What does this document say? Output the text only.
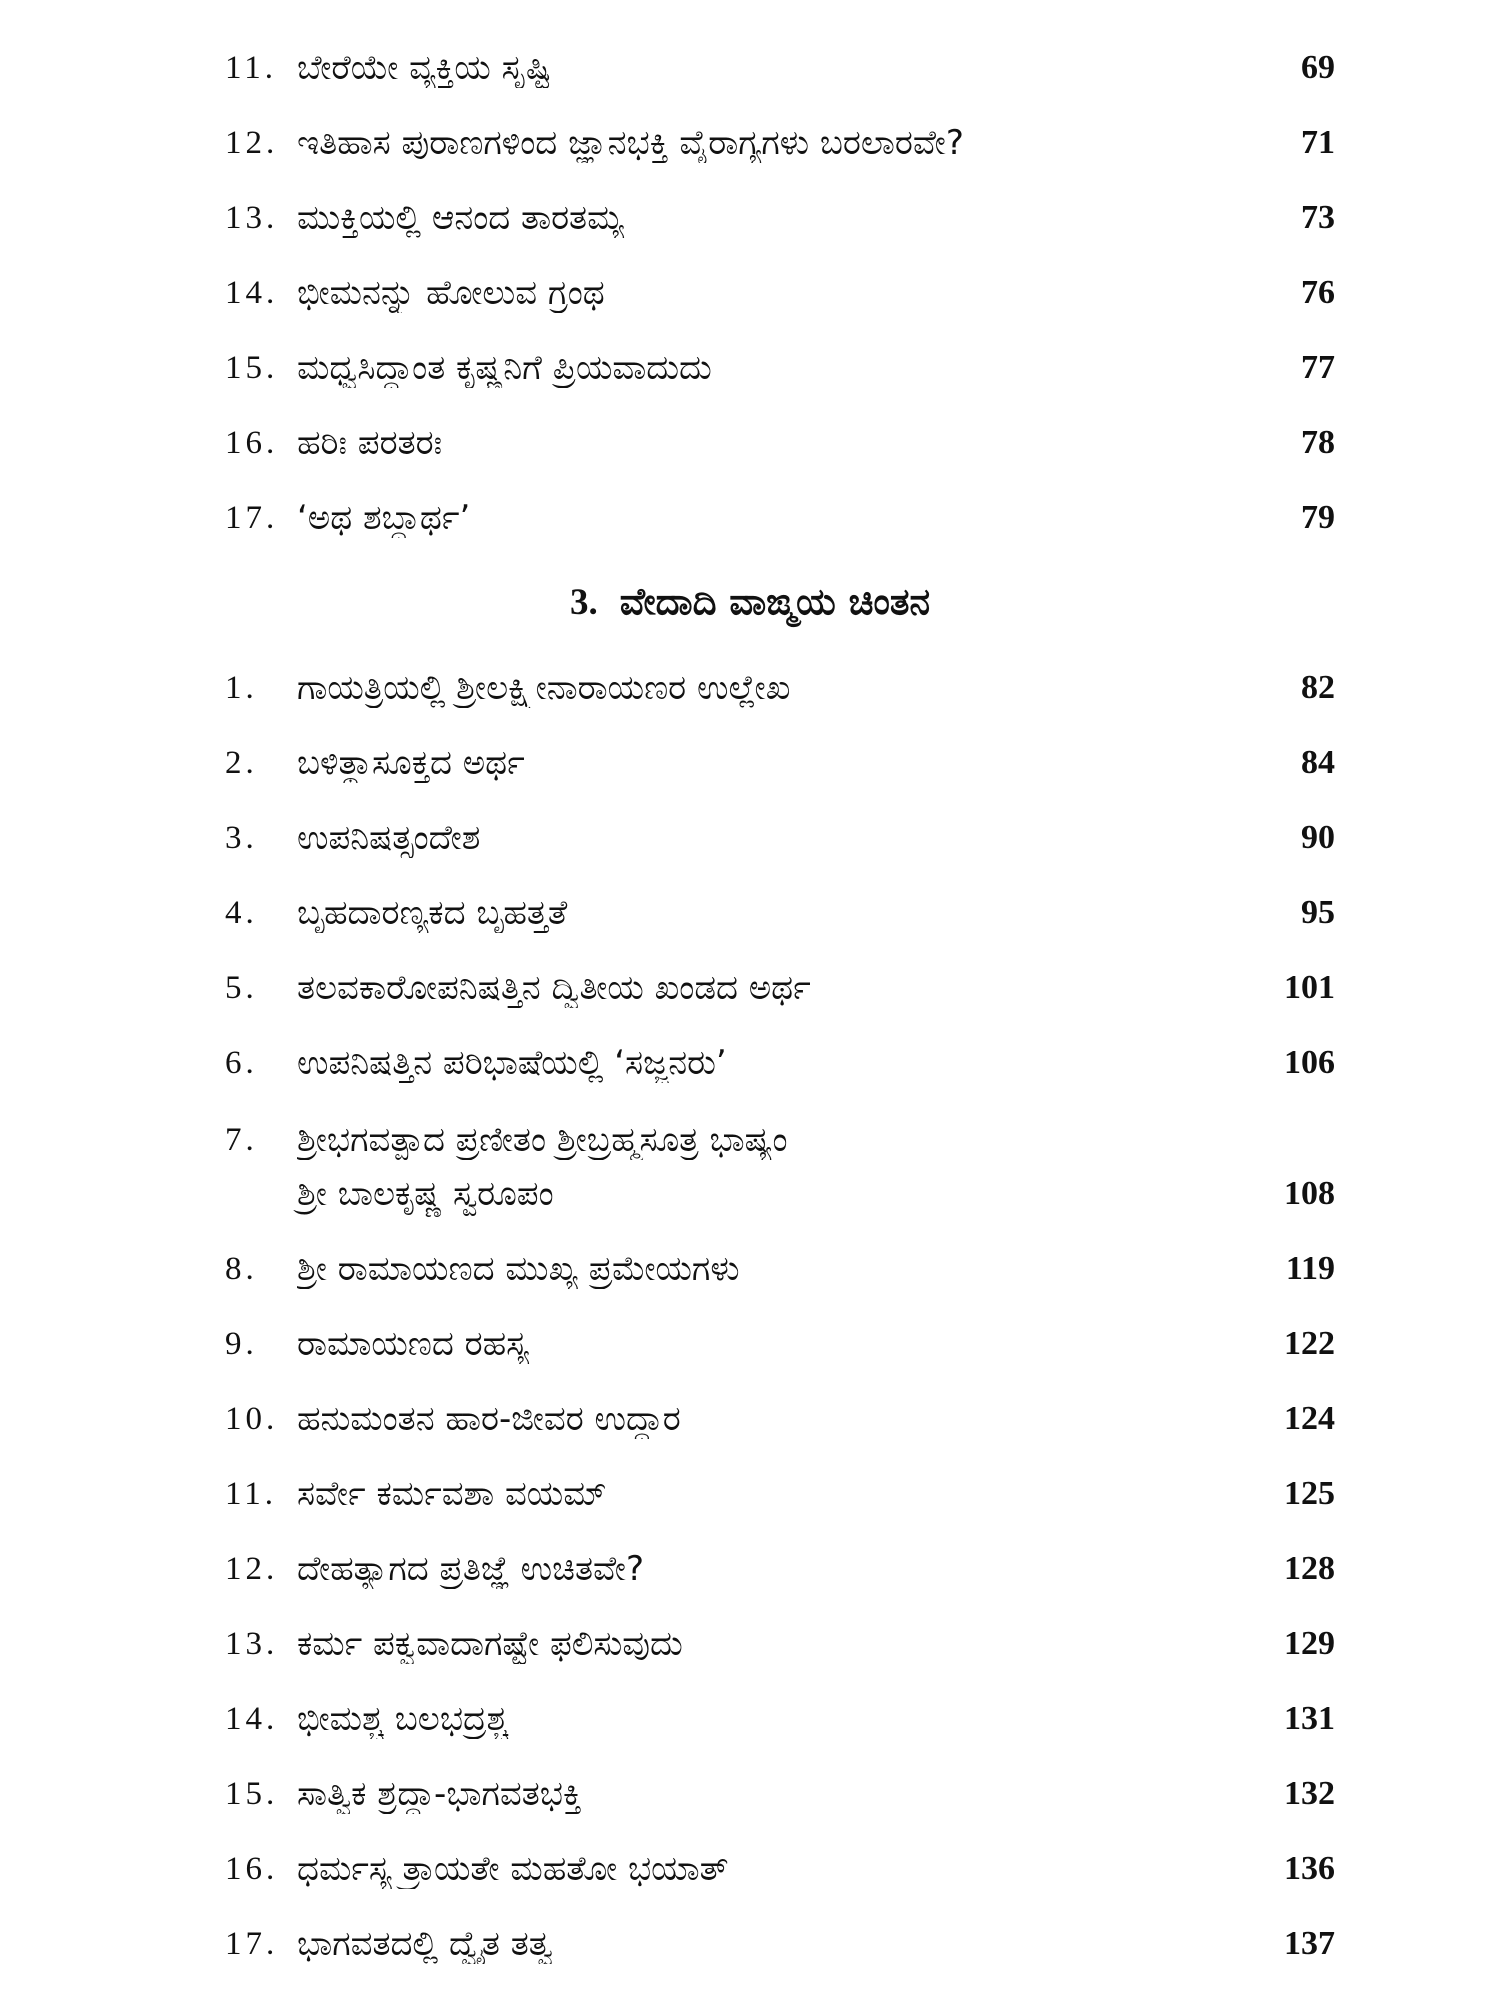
11. ಬೇರೆಯೇ ವ್ಯಕ್ತಿಯ ಸೃಷ್ಟಿ	69
12. ಇತಿಹಾಸ ಪುರಾಣಗಳಿಂದ ಜ್ಞಾನಭಕ್ತಿ ವೈರಾಗ್ಯಗಳು ಬರಲಾರವೇ?	71
13. ಮುಕ್ತಿಯಲ್ಲಿ ಆನಂದ ತಾರತಮ್ಯ	73
14. ಭೀಮನನ್ನು ಹೋಲುವ ಗ್ರಂಥ	76
15. ಮಧ್ವಸಿದ್ಧಾಂತ ಕೃಷ್ಣನಿಗೆ ಪ್ರಿಯವಾದುದು	77
16. ಹರಿಃ ಪರತರಃ	78
17. ‘ಅಥ ಶಬ್ದಾರ್ಥ’	79
3. ವೇದಾದಿ ವಾಙ್ಮಯ ಚಿಂತನ
1.	ಗಾಯತ್ರಿಯಲ್ಲಿ ಶ್ರೀಲಕ್ಷ್ಮೀನಾರಾಯಣರ ಉಲ್ಲೇಖ	82
2.	ಬಳಿತ್ಥಾಸೂಕ್ತದ ಅರ್ಥ	84
3.	ಉಪನಿಷತ್ಸಂದೇಶ	90
4.	ಬೃಹದಾರಣ್ಯಕದ ಬೃಹತ್ತತೆ	95
5.	ತಲವಕಾರೋಪನಿಷತ್ತಿನ ದ್ವಿತೀಯ ಖಂಡದ ಅರ್ಥ	101
6.	ಉಪನಿಷತ್ತಿನ ಪರಿಭಾಷೆಯಲ್ಲಿ ‘ಸಜ್ಜನರು’	106
7.	ಶ್ರೀಭಗವತ್ಪಾದ ಪ್ರಣೀತಂ ಶ್ರೀಬ್ರಹ್ಮಸೂತ್ರ ಭಾಷ್ಯಂ
ಶ್ರೀ ಬಾಲಕೃಷ್ಣ ಸ್ವರೂಪಂ	108
8.	ಶ್ರೀ ರಾಮಾಯಣದ ಮುಖ್ಯ ಪ್ರಮೇಯಗಳು	119
9.	ರಾಮಾಯಣದ ರಹಸ್ಯ	122
10. ಹನುಮಂತನ ಹಾರ-ಜೀವರ ಉದ್ಧಾರ	124
11. ಸರ್ವೇ ಕರ್ಮವಶಾ ವಯಮ್	125
12. ದೇಹತ್ಯಾಗದ ಪ್ರತಿಜ್ಞೆ ಉಚಿತವೇ?	128
13. ಕರ್ಮ ಪಕ್ವವಾದಾಗಷ್ಟೇ ಫಲಿಸುವುದು	129
14. ಭೀಮಶ್ಚ ಬಲಭದ್ರಶ್ಚ	131
15. ಸಾತ್ವಿಕ ಶ್ರದ್ಧಾ-ಭಾಗವತಭಕ್ತಿ	132
16. ಧರ್ಮಸ್ಯ ತ್ರಾಯತೇ ಮಹತೋ ಭಯಾತ್	136
17. ಭಾಗವತದಲ್ಲಿ ದ್ವೈತ ತತ್ವ	137
